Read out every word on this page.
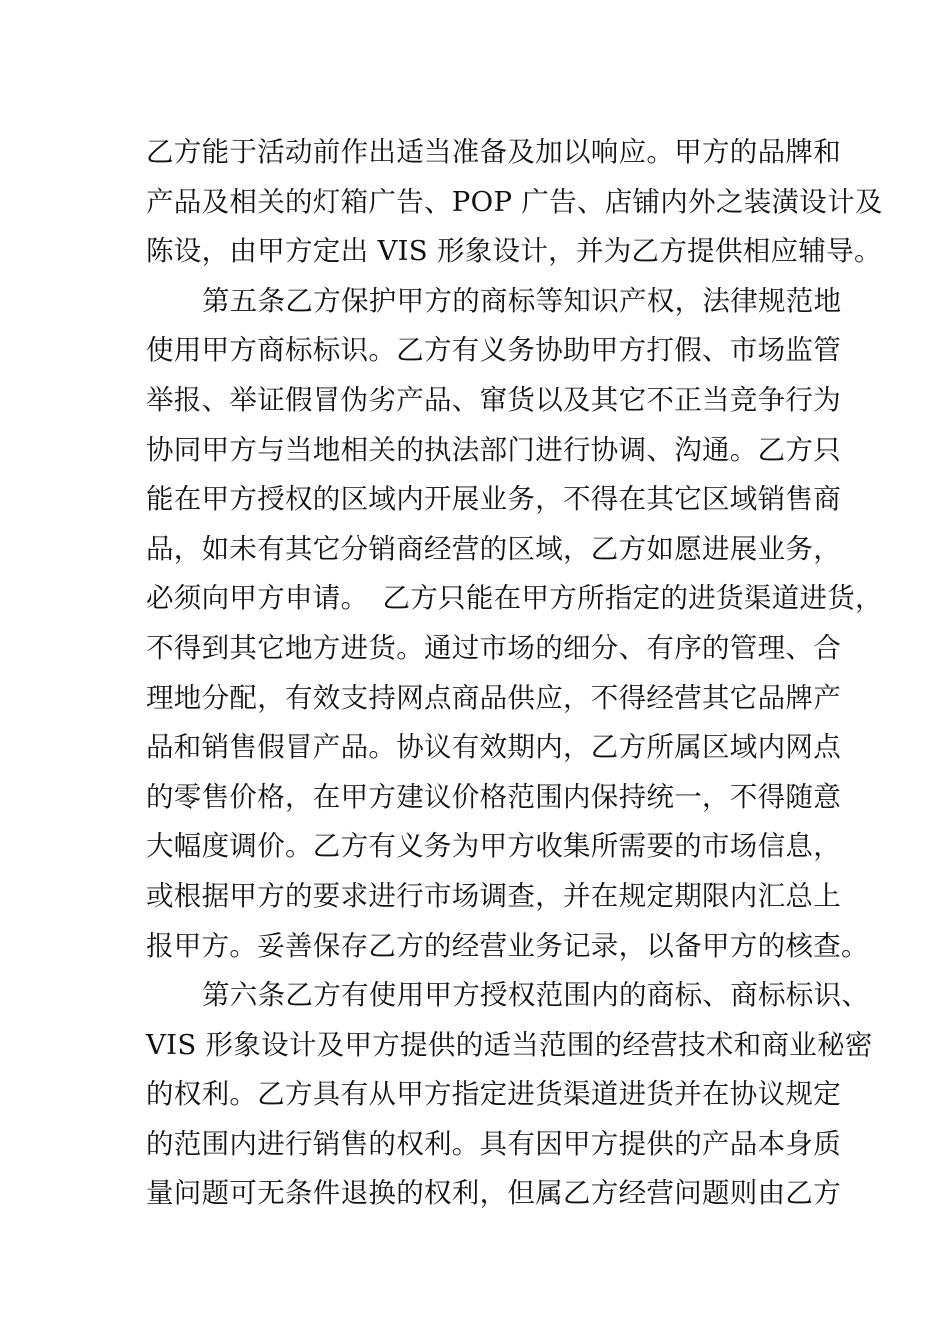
乙方能于活动前作出适当准备及加以响应。甲方的品牌和
产品及相关的灯箱广告、POP 广告、店铺内外之装潢设计及
陈设，由甲方定出 VIS 形象设计，并为乙方提供相应辅导。
第五条乙方保护甲方的商标等知识产权，法律规范地
使用甲方商标标识。乙方有义务协助甲方打假、市场监管
举报、举证假冒伪劣产品、窜货以及其它不正当竞争行为
协同甲方与当地相关的执法部门进行协调、沟通。乙方只
能在甲方授权的区域内开展业务，不得在其它区域销售商
品，如未有其它分销商经营的区域，乙方如愿进展业务，
必须向甲方申请。　乙方只能在甲方所指定的进货渠道进货，
不得到其它地方进货。通过市场的细分、有序的管理、合
理地分配，有效支持网点商品供应，不得经营其它品牌产
品和销售假冒产品。协议有效期内，乙方所属区域内网点
的零售价格，在甲方建议价格范围内保持统一，不得随意
大幅度调价。乙方有义务为甲方收集所需要的市场信息，
或根据甲方的要求进行市场调查，并在规定期限内汇总上
报甲方。妥善保存乙方的经营业务记录，以备甲方的核查。
第六条乙方有使用甲方授权范围内的商标、商标标识、
VIS 形象设计及甲方提供的适当范围的经营技术和商业秘密
的权利。乙方具有从甲方指定进货渠道进货并在协议规定
的范围内进行销售的权利。具有因甲方提供的产品本身质
量问题可无条件退换的权利，但属乙方经营问题则由乙方
